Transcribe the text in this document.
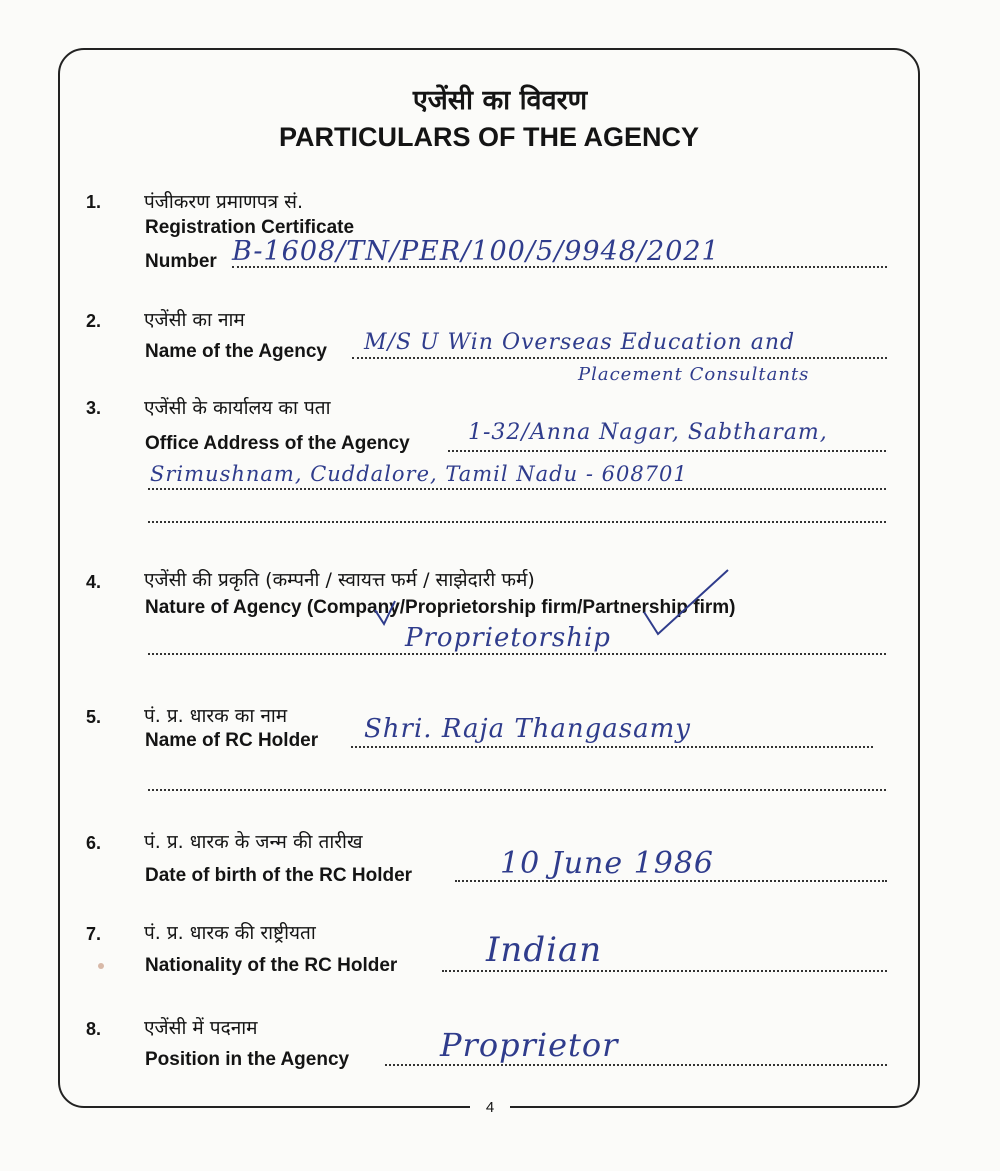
4
एजेंसी का विवरण
PARTICULARS OF THE AGENCY
1. पंजीकरण प्रमाणपत्र सं.
Registration Certificate
Number B-1608/TN/PER/100/5/9948/2021
2. एजेंसी का नाम
Name of the Agency M/S U Win Overseas Education and
Placement Consultants
3. एजेंसी के कार्यालय का पता
Office Address of the Agency	1-32/Anna Nagar, Sabtharam,
Srimushnam, Cuddalore, Tamil Nadu - 608701
4. एजेंसी की प्रकृति (कम्पनी / स्वायत्त फर्म / साझेदारी फर्म)
Nature of Agency (Company/Proprietorship firm/Partnership firm)
Proprietorship
5. पं. प्र. धारक का नाम
Name of RC Holder Shri. Raja Thangasamy
6. पं. प्र. धारक के जन्म की तारीख
Date of birth of the RC Holder	10 June 1986
7. पं. प्र. धारक की राष्ट्रीयता
Nationality of the RC Holder	Indian
8. एजेंसी में पदनाम
Position in the Agency	Proprietor
